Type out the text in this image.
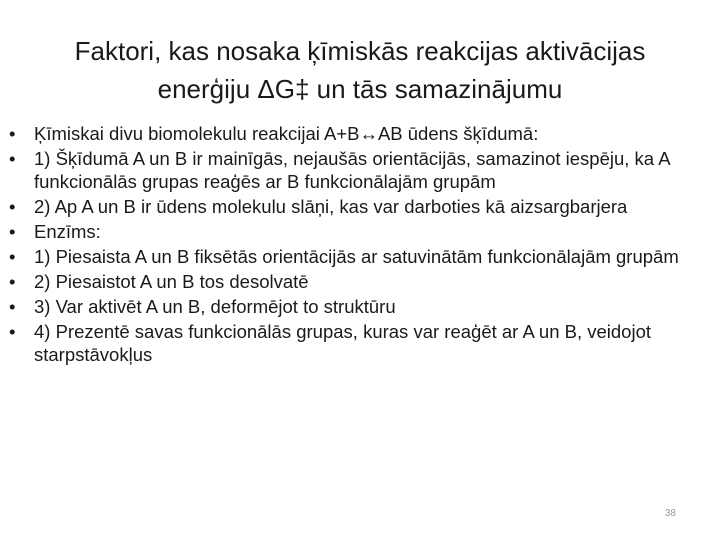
Faktori, kas nosaka ķīmiskās reakcijas aktivācijas
enerģiju ΔG‡ un tās samazinājumu
• Ķīmiskai divu biomolekulu reakcijai A+B↔AB ūdens šķīdumā:
• 1) Šķīdumā A un B ir mainīgās, nejaušās orientācijās, samazinot iespēju, ka A funkcionālās grupas reaģēs ar B funkcionālajām grupām
• 2) Ap A un B ir ūdens molekulu slāņi, kas var darboties kā aizsargbarjera
• Enzīms:
• 1) Piesaista A un B fiksētās orientācijās ar satuvinātām funkcionālajām grupām
• 2) Piesaistot A un B tos desolvatē
• 3) Var aktivēt A un B, deformējot to struktūru
• 4) Prezentē savas funkcionālās grupas, kuras var reaģēt ar A un B, veidojot starpstāvokļus
38
